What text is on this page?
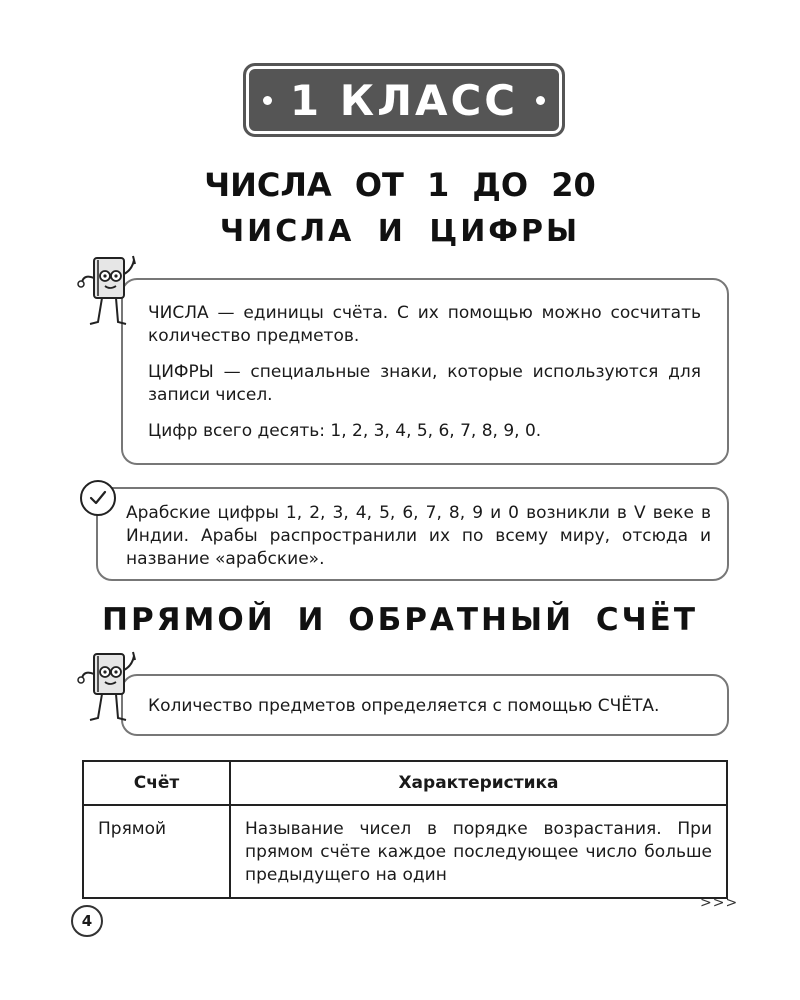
1 КЛАСС
ЧИСЛА ОТ 1 ДО 20
ЧИСЛА И ЦИФРЫ

ЧИСЛА — единицы счёта. С их помощью можно сосчитать количество предметов.

ЦИФРЫ — специальные знаки, которые используются для записи чисел.

Цифр всего десять: 1, 2, 3, 4, 5, 6, 7, 8, 9, 0.

Арабские цифры 1, 2, 3, 4, 5, 6, 7, 8, 9 и 0 возникли в V веке в Индии. Арабы распространили их по всему миру, отсюда и название «арабские».

ПРЯМОЙ И ОБРАТНЫЙ СЧЁТ

Количество предметов определяется с помощью СЧЁТА.

Счёт	Характеристика
Прямой	Называние чисел в порядке возрастания. При прямом счёте каждое последующее число больше предыдущего на один
4
>>>
